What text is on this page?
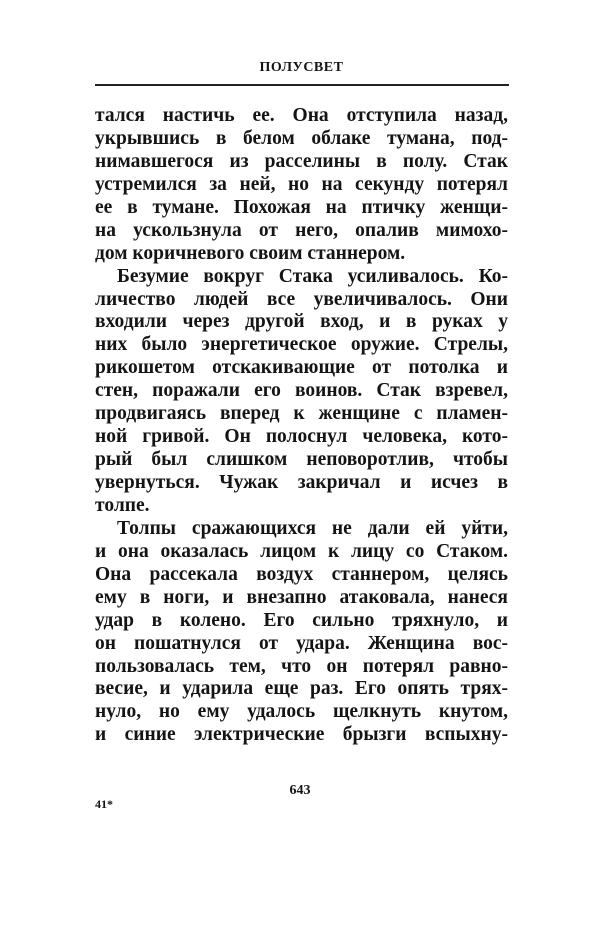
ПОЛУСВЕТ
тался настичь ее. Она отступила назад,
укрывшись в белом облаке тумана, под-
нимавшегося из расселины в полу. Стак
устремился за ней, но на секунду потерял
ее в тумане. Похожая на птичку женщи-
на ускользнула от него, опалив мимохо-
дом коричневого своим станнером.
Безумие вокруг Стака усиливалось. Ко-
личество людей все увеличивалось. Они
входили через другой вход, и в руках у
них было энергетическое оружие. Стрелы,
рикошетом отскакивающие от потолка и
стен, поражали его воинов. Стак взревел,
продвигаясь вперед к женщине с пламен-
ной гривой. Он полоснул человека, кото-
рый был слишком неповоротлив, чтобы
увернуться. Чужак закричал и исчез в
толпе.
Толпы сражающихся не дали ей уйти,
и она оказалась лицом к лицу со Стаком.
Она рассекала воздух станнером, целясь
ему в ноги, и внезапно атаковала, нанеся
удар в колено. Его сильно тряхнуло, и
он пошатнулся от удара. Женщина вос-
пользовалась тем, что он потерял равно-
весие, и ударила еще раз. Его опять трях-
нуло, но ему удалось щелкнуть кнутом,
и синие электрические брызги вспыхну-
643
41*
